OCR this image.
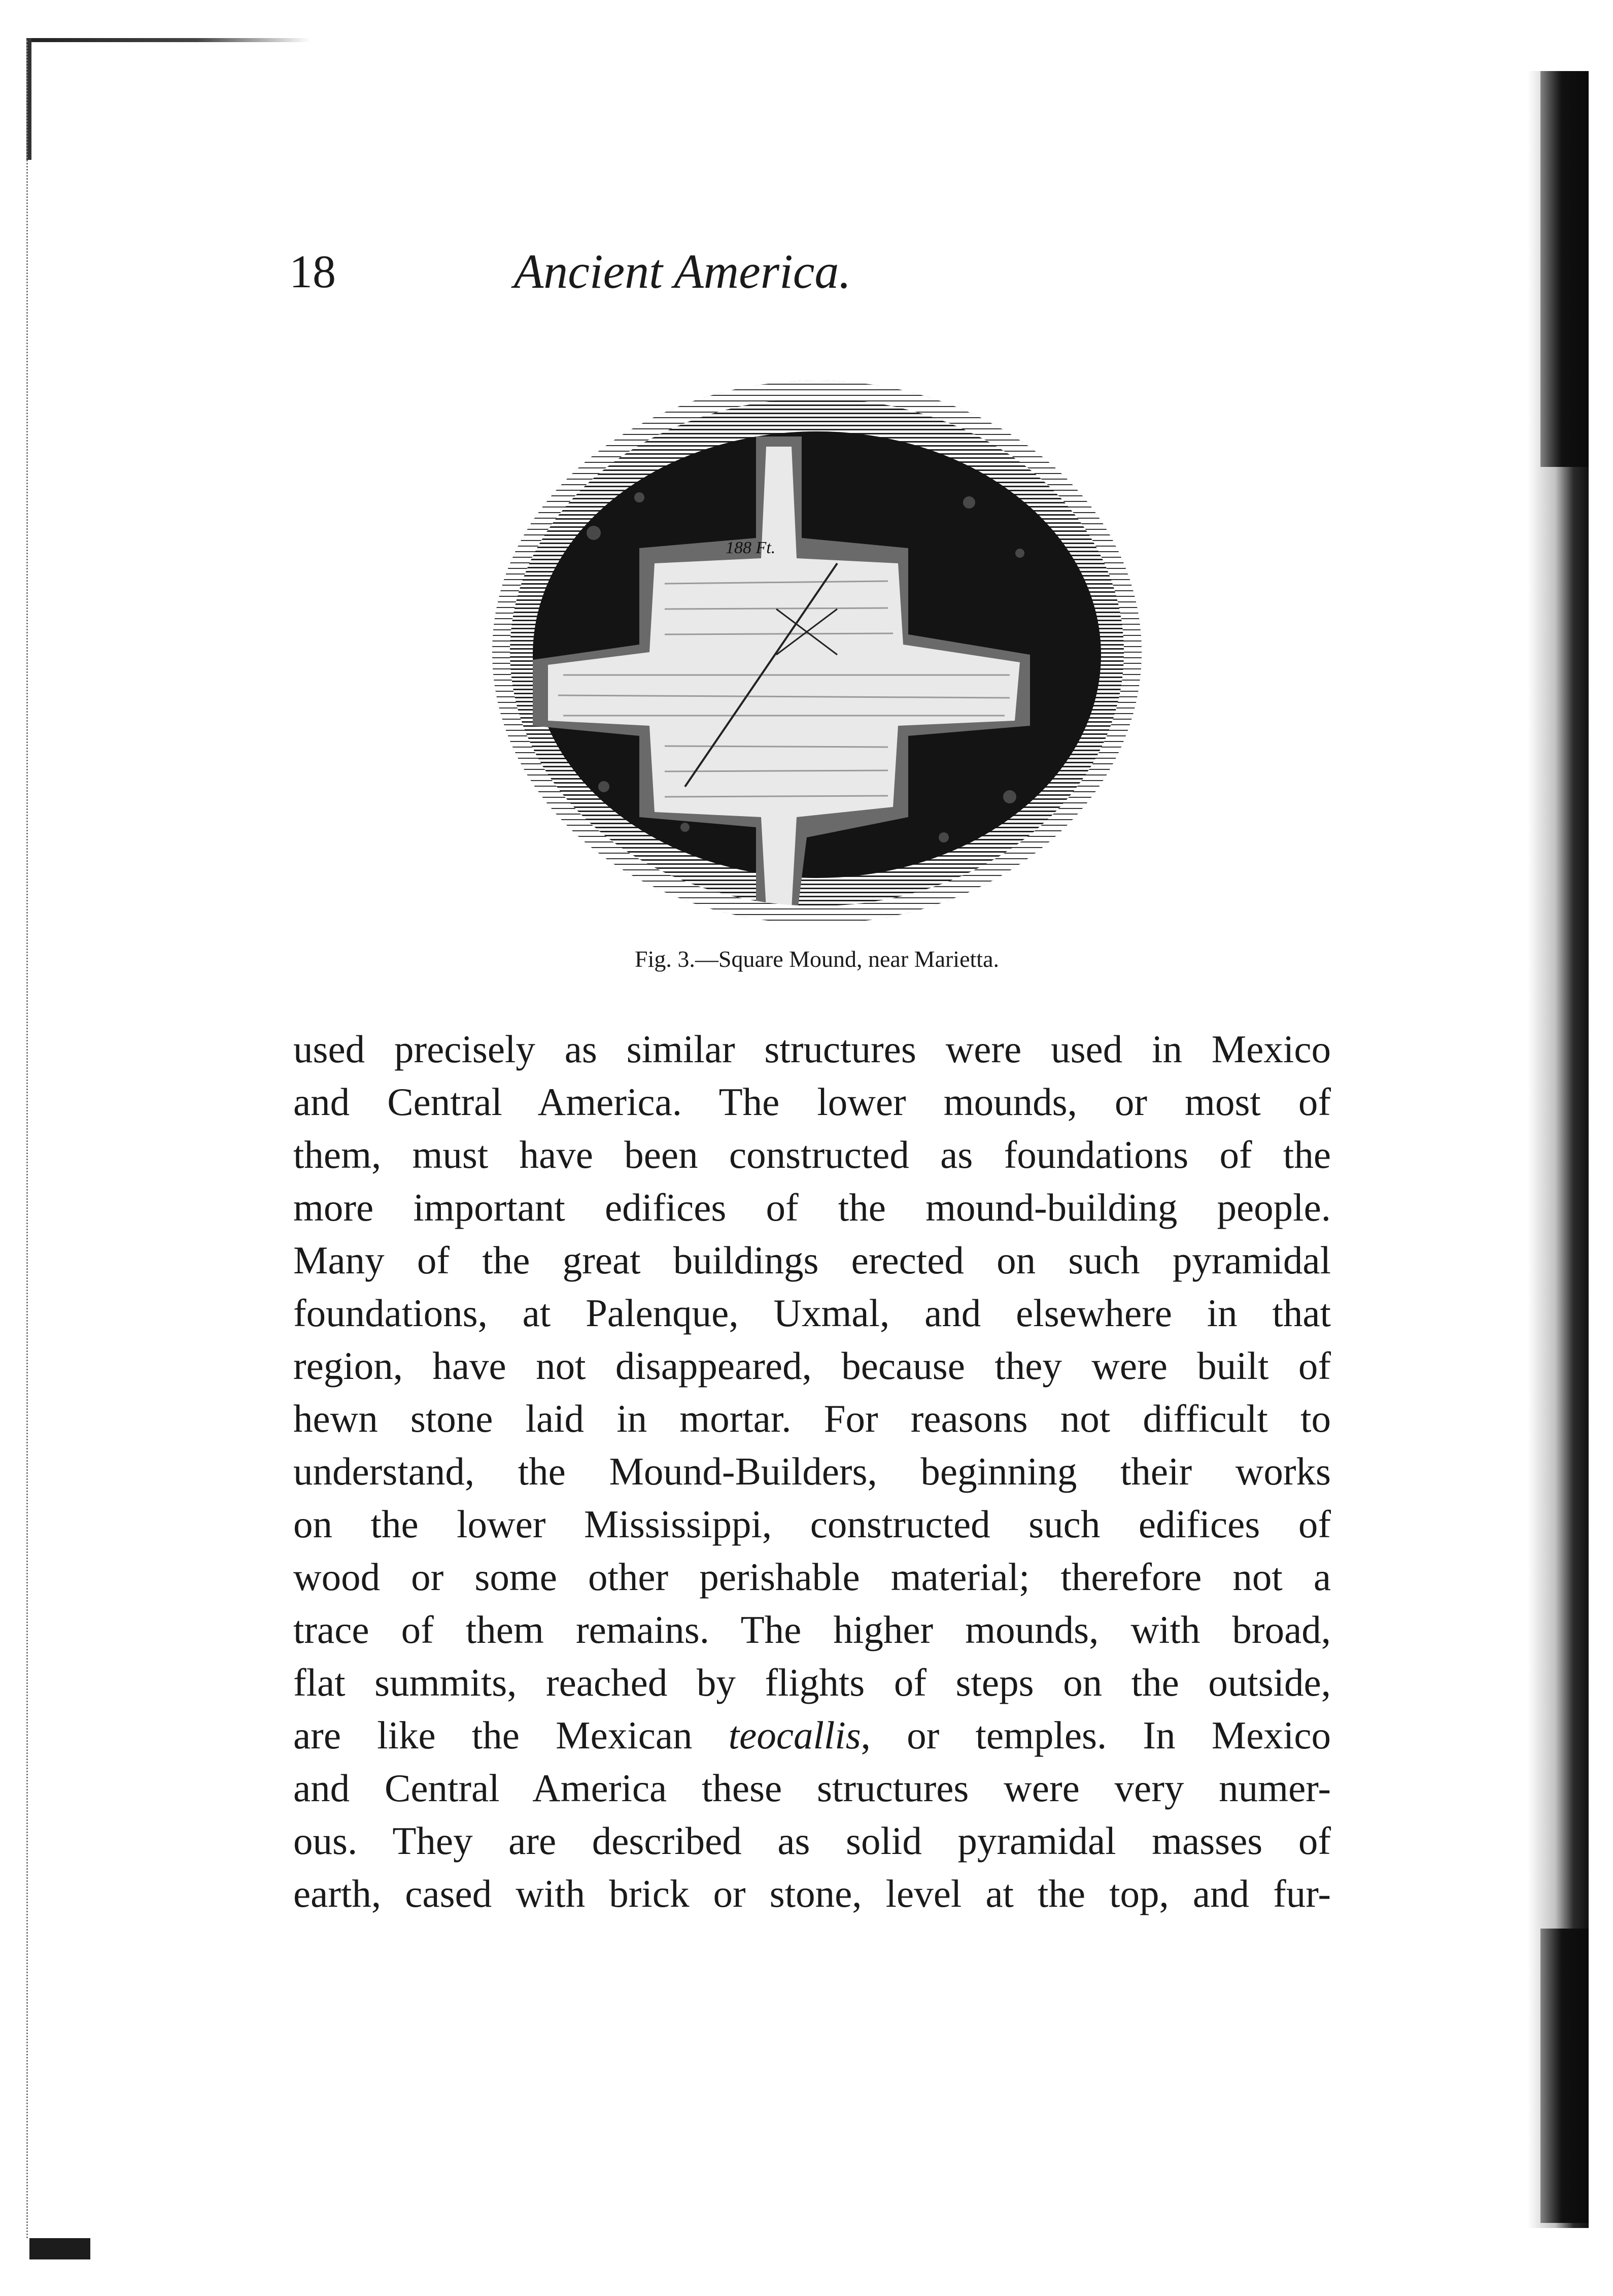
18	Ancient America.
188 Ft.
Fig. 3.—Square Mound, near Marietta.
used precisely as similar structures were used in Mexico
and Central America. The lower mounds, or most of
them, must have been constructed as foundations of the
more important edifices of the mound-building people.
Many of the great buildings erected on such pyramidal
foundations, at Palenque, Uxmal, and elsewhere in that
region, have not disappeared, because they were built of
hewn stone laid in mortar. For reasons not difficult to
understand, the Mound-Builders, beginning their works
on the lower Mississippi, constructed such edifices of
wood or some other perishable material; therefore not a
trace of them remains. The higher mounds, with broad,
flat summits, reached by flights of steps on the outside,
are like the Mexican teocallis, or temples. In Mexico
and Central America these structures were very numer-
ous. They are described as solid pyramidal masses of
earth, cased with brick or stone, level at the top, and fur-
